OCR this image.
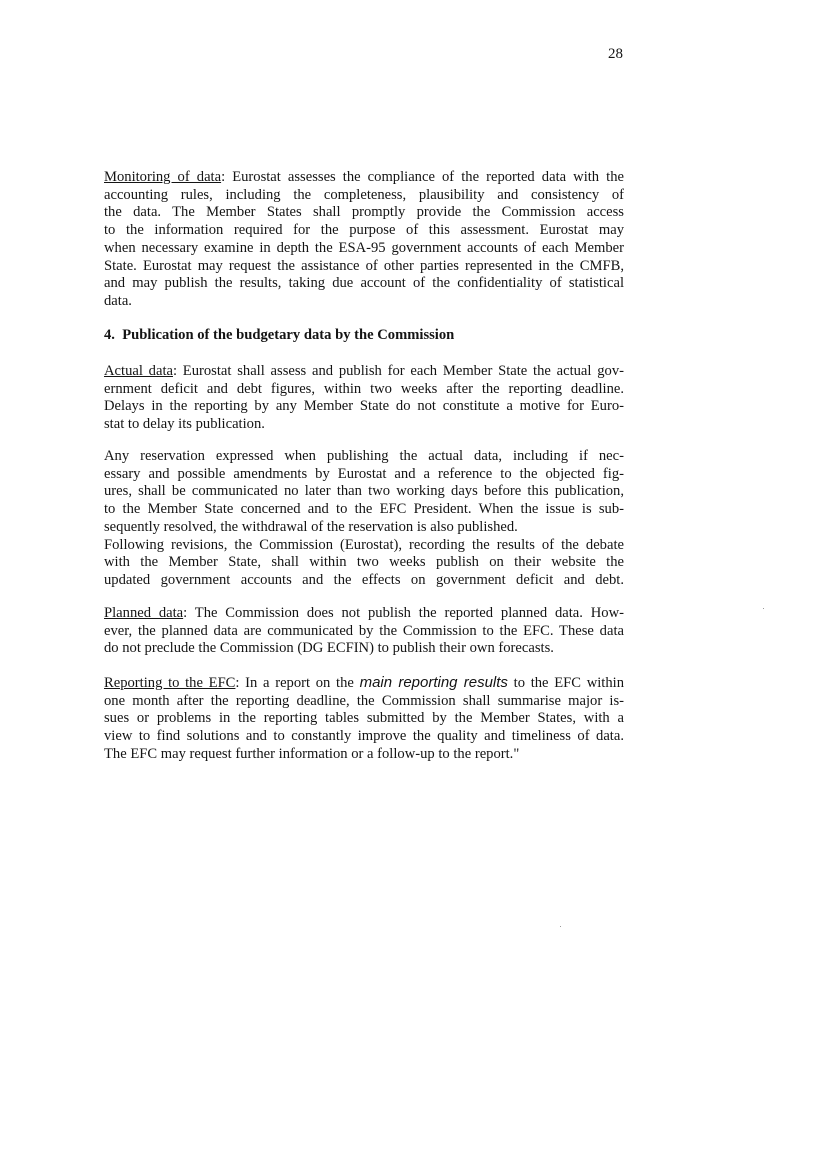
28
Monitoring of data: Eurostat assesses the compliance of the reported data with the
accounting rules, including the completeness, plausibility and consistency of
the data. The Member States shall promptly provide the Commission access
to the information required for the purpose of this assessment. Eurostat may
when necessary examine in depth the ESA-95 government accounts of each Member
State. Eurostat may request the assistance of other parties represented in the CMFB,
and may publish the results, taking due account of the confidentiality of statistical
data.
4.  Publication of the budgetary data by the Commission
Actual data: Eurostat shall assess and publish for each Member State the actual gov-
ernment deficit and debt figures, within two weeks after the reporting deadline.
Delays in the reporting by any Member State do not constitute a motive for Euro-
stat to delay its publication.
Any reservation expressed when publishing the actual data, including if nec-
essary and possible amendments by Eurostat and a reference to the objected fig-
ures, shall be communicated no later than two working days before this publication,
to the Member State concerned and to the EFC President. When the issue is sub-
sequently resolved, the withdrawal of the reservation is also published.
Following revisions, the Commission (Eurostat), recording the results of the debate
with the Member State, shall within two weeks publish on their website the
updated government accounts and the effects on government deficit and debt.
Planned data: The Commission does not publish the reported planned data. How-
ever, the planned data are communicated by the Commission to the EFC. These data
do not preclude the Commission (DG ECFIN) to publish their own forecasts.
Reporting to the EFC: In a report on the main reporting results to the EFC within
one month after the reporting deadline, the Commission shall summarise major is-
sues or problems in the reporting tables submitted by the Member States, with a
view to find solutions and to constantly improve the quality and timeliness of data.
The EFC may request further information or a follow-up to the report."
